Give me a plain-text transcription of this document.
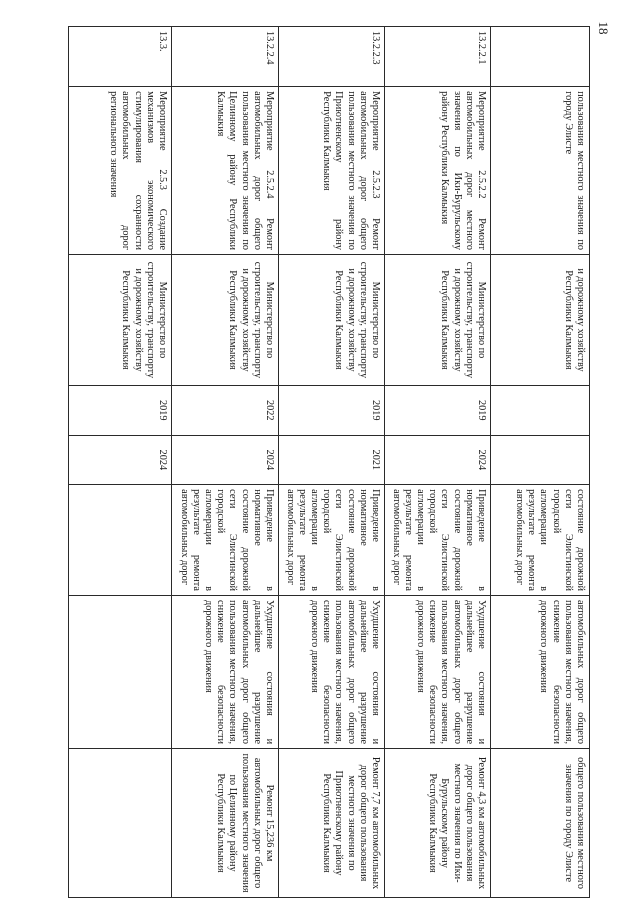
18
	пользования местного значения по городу Элисте	и дорожному хозяйству Республики Калмыкия			состояние дорожной сети Элистинской городской агломерации в результате ремонта автомобильных дорог	автомобильных дорог общего пользования местного значения, снижение безопасности дорожного движения	общего пользования местного значения по городу Элисте
13.2.2.1	Мероприятие 2.5.2.2 Ремонт автомобильных дорог местного значения по Ики-Бурульскому району Республики Калмыкия	Министерство по строительству, транспорту и дорожному хозяйству Республики Калмыкия	2019	2024	Приведение в нормативное состояние дорожной сети Элистинской городской агломерации в результате ремонта автомобильных дорог	Ухудшение состояния и дальнейшее разрушение автомобильных дорог общего пользования местного значения, снижение безопасности дорожного движения	Ремонт 4,3 км автомобильных дорог общего пользования местного значения по Ики-Бурульскому району Республики Калмыкия
13.2.2.3	Мероприятие 2.5.2.3 Ремонт автомобильных дорог общего пользования местного значения по Приютненскому району Республики Калмыкия	Министерство по строительству, транспорту и дорожному хозяйству Республики Калмыкия	2019	2021	Приведение в нормативное состояние дорожной сети Элистинской городской агломерации в результате ремонта автомобильных дорог	Ухудшение состояния и дальнейшее разрушение автомобильных дорог общего пользования местного значения, снижение безопасности дорожного движения	Ремонт 7,7 км автомобильных дорог общего пользования местного значения по Приютненскому району Республики Калмыкия
13.2.2.4	Мероприятие 2.5.2.4 Ремонт автомобильных дорог общего пользования местного значения по Целинному району Республики Калмыкия	Министерство по строительству, транспорту и дорожному хозяйству Республики Калмыкия	2022	2024	Приведение в нормативное состояние дорожной сети Элистинской городской агломерации в результате ремонта автомобильных дорог	Ухудшение состояния и дальнейшее разрушение автомобильных дорог общего пользования местного значения, снижение безопасности дорожного движения	Ремонт 15,236 км автомобильных дорог общего пользования местного значения по Целинному району Республики Калмыкия
13.3.	Мероприятие 2.5.3 Создание механизмов экономического стимулирования сохранности автомобильных дорог регионального значения	Министерство по строительству, транспорту и дорожному хозяйству Республики Калмыкия	2019	2024			
